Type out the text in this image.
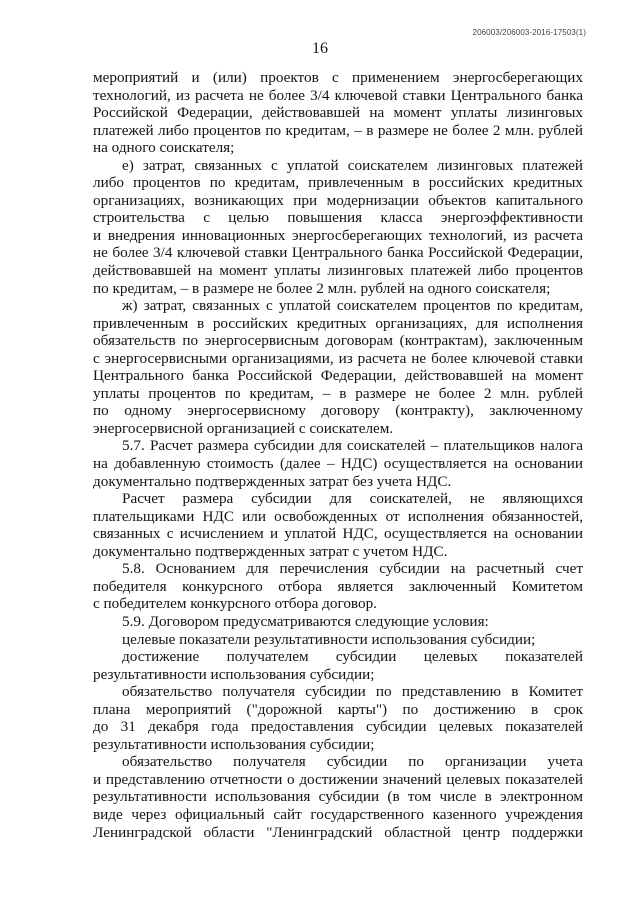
206003/206003-2016-17503(1)
16
мероприятий и (или) проектов с применением энергосберегающих
технологий, из расчета не более 3/4 ключевой ставки Центрального банка
Российской Федерации, действовавшей на момент уплаты лизинговых
платежей либо процентов по кредитам, – в размере не более 2 млн. рублей
на одного соискателя;
е) затрат, связанных с уплатой соискателем лизинговых платежей
либо процентов по кредитам, привлеченным в российских кредитных
организациях, возникающих при модернизации объектов капитального
строительства с целью повышения класса энергоэффективности
и внедрения инновационных энергосберегающих технологий, из расчета
не более 3/4 ключевой ставки Центрального банка Российской Федерации,
действовавшей на момент уплаты лизинговых платежей либо процентов
по кредитам, – в размере не более 2 млн. рублей на одного соискателя;
ж) затрат, связанных с уплатой соискателем процентов по кредитам,
привлеченным в российских кредитных организациях, для исполнения
обязательств по энергосервисным договорам (контрактам), заключенным
с энергосервисными организациями, из расчета не более ключевой ставки
Центрального банка Российской Федерации, действовавшей на момент
уплаты процентов по кредитам, – в размере не более 2 млн. рублей
по одному энергосервисному договору (контракту), заключенному
энергосервисной организацией с соискателем.
5.7. Расчет размера субсидии для соискателей – плательщиков налога
на добавленную стоимость (далее – НДС) осуществляется на основании
документально подтвержденных затрат без учета НДС.
Расчет размера субсидии для соискателей, не являющихся
плательщиками НДС или освобожденных от исполнения обязанностей,
связанных с исчислением и уплатой НДС, осуществляется на основании
документально подтвержденных затрат с учетом НДС.
5.8. Основанием для перечисления субсидии на расчетный счет
победителя конкурсного отбора является заключенный Комитетом
с победителем конкурсного отбора договор.
5.9. Договором предусматриваются следующие условия:
целевые показатели результативности использования субсидии;
достижение получателем субсидии целевых показателей
результативности использования субсидии;
обязательство получателя субсидии по представлению в Комитет
плана мероприятий ("дорожной карты") по достижению в срок
до 31 декабря года предоставления субсидии целевых показателей
результативности использования субсидии;
обязательство получателя субсидии по организации учета
и представлению отчетности о достижении значений целевых показателей
результативности использования субсидии (в том числе в электронном
виде через официальный сайт государственного казенного учреждения
Ленинградской области "Ленинградский областной центр поддержки
